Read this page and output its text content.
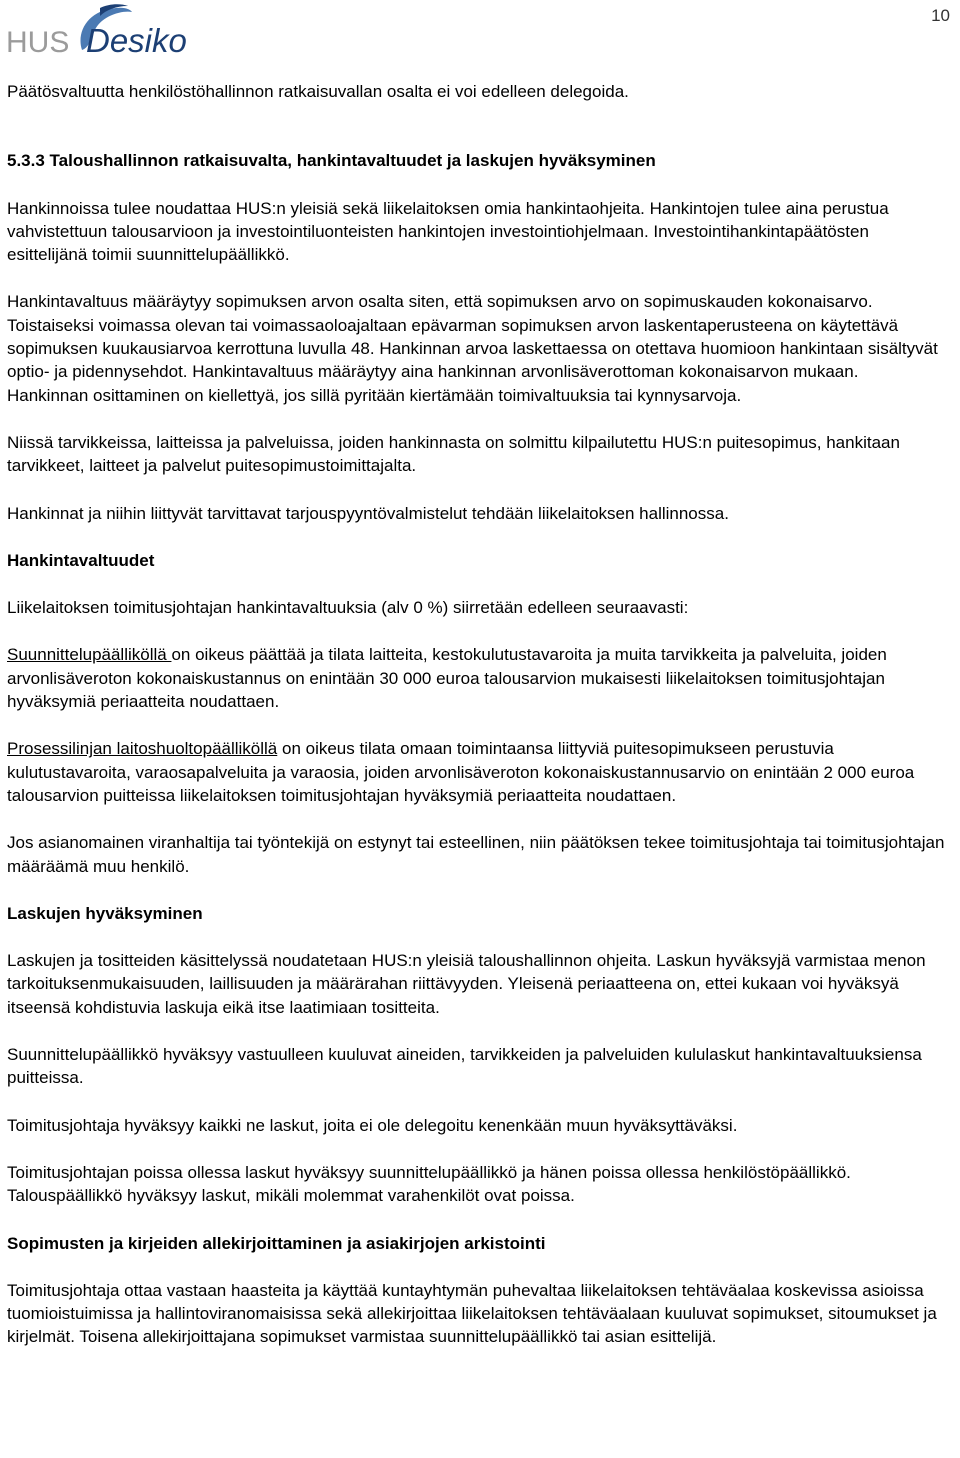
HUS Desiko
10

Päätösvaltuutta henkilöstöhallinnon ratkaisuvallan osalta ei voi edelleen delegoida.

5.3.3 Taloushallinnon ratkaisuvalta, hankintavaltuudet ja laskujen hyväksyminen

Hankinnoissa tulee noudattaa HUS:n yleisiä sekä liikelaitoksen omia hankintaohjeita. Hankintojen tulee aina perustua vahvistettuun talousarvioon ja investointiluonteisten hankintojen investointiohjelmaan. Investointihankintapäätösten esittelijänä toimii suunnittelupäällikkö.

Hankintavaltuus määräytyy sopimuksen arvon osalta siten, että sopimuksen arvo on sopimuskauden kokonaisarvo. Toistaiseksi voimassa olevan tai voimassaoloajaltaan epävarman sopimuksen arvon laskentaperusteena on käytettävä sopimuksen kuukausiarvoa kerrottuna luvulla 48. Hankinnan arvoa laskettaessa on otettava huomioon hankintaan sisältyvät optio- ja pidennysehdot. Hankintavaltuus määräytyy aina hankinnan arvonlisäverottoman kokonaisarvon mukaan.

Hankinnan osittaminen on kiellettyä, jos sillä pyritään kiertämään toimivaltuuksia tai kynnysarvoja.

Niissä tarvikkeissa, laitteissa ja palveluissa, joiden hankinnasta on solmittu kilpailutettu HUS:n puitesopimus, hankitaan tarvikkeet, laitteet ja palvelut puitesopimustoimittajalta.

Hankinnat ja niihin liittyvät tarvittavat tarjouspyyntövalmistelut tehdään liikelaitoksen hallinnossa.

Hankintavaltuudet

Liikelaitoksen toimitusjohtajan hankintavaltuuksia (alv 0 %) siirretään edelleen seuraavasti:

Suunnittelupäälliköllä on oikeus päättää ja tilata laitteita, kestokulutustavaroita ja muita tarvikkeita ja palveluita, joiden arvonlisäveroton kokonaiskustannus on enintään 30 000 euroa talousarvion mukaisesti liikelaitoksen toimitusjohtajan hyväksymiä periaatteita noudattaen.

Prosessilinjan laitoshuoltopäälliköllä on oikeus tilata omaan toimintaansa liittyviä puitesopimukseen perustuvia kulutustavaroita, varaosapalveluita ja varaosia, joiden arvonlisäveroton kokonaiskustannusarvio on enintään 2 000 euroa talousarvion puitteissa liikelaitoksen toimitusjohtajan hyväksymiä periaatteita noudattaen.

Jos asianomainen viranhaltija tai työntekijä on estynyt tai esteellinen, niin päätöksen tekee toimitusjohtaja tai toimitusjohtajan määräämä muu henkilö.

Laskujen hyväksyminen

Laskujen ja tositteiden käsittelyssä noudatetaan HUS:n yleisiä taloushallinnon ohjeita. Laskun hyväksyjä varmistaa menon tarkoituksenmukaisuuden, laillisuuden ja määrärahan riittävyyden. Yleisenä periaatteena on, ettei kukaan voi hyväksyä itseensä kohdistuvia laskuja eikä itse laatimiaan tositteita.

Suunnittelupäällikkö hyväksyy vastuulleen kuuluvat aineiden, tarvikkeiden ja palveluiden kululaskut hankintavaltuuksiensa puitteissa.

Toimitusjohtaja hyväksyy kaikki ne laskut, joita ei ole delegoitu kenenkään muun hyväksyttäväksi.

Toimitusjohtajan poissa ollessa laskut hyväksyy suunnittelupäällikkö ja hänen poissa ollessa henkilöstöpäällikkö. Talouspäällikkö hyväksyy laskut, mikäli molemmat varahenkilöt ovat poissa.

Sopimusten ja kirjeiden allekirjoittaminen ja asiakirjojen arkistointi

Toimitusjohtaja ottaa vastaan haasteita ja käyttää kuntayhtymän puhevaltaa liikelaitoksen tehtäväalaa koskevissa asioissa tuomioistuimissa ja hallintoviranomaisissa sekä allekirjoittaa liikelaitoksen tehtäväalaan kuuluvat sopimukset, sitoumukset ja kirjelmät. Toisena allekirjoittajana sopimukset varmistaa suunnittelupäällikkö tai asian esittelijä.
